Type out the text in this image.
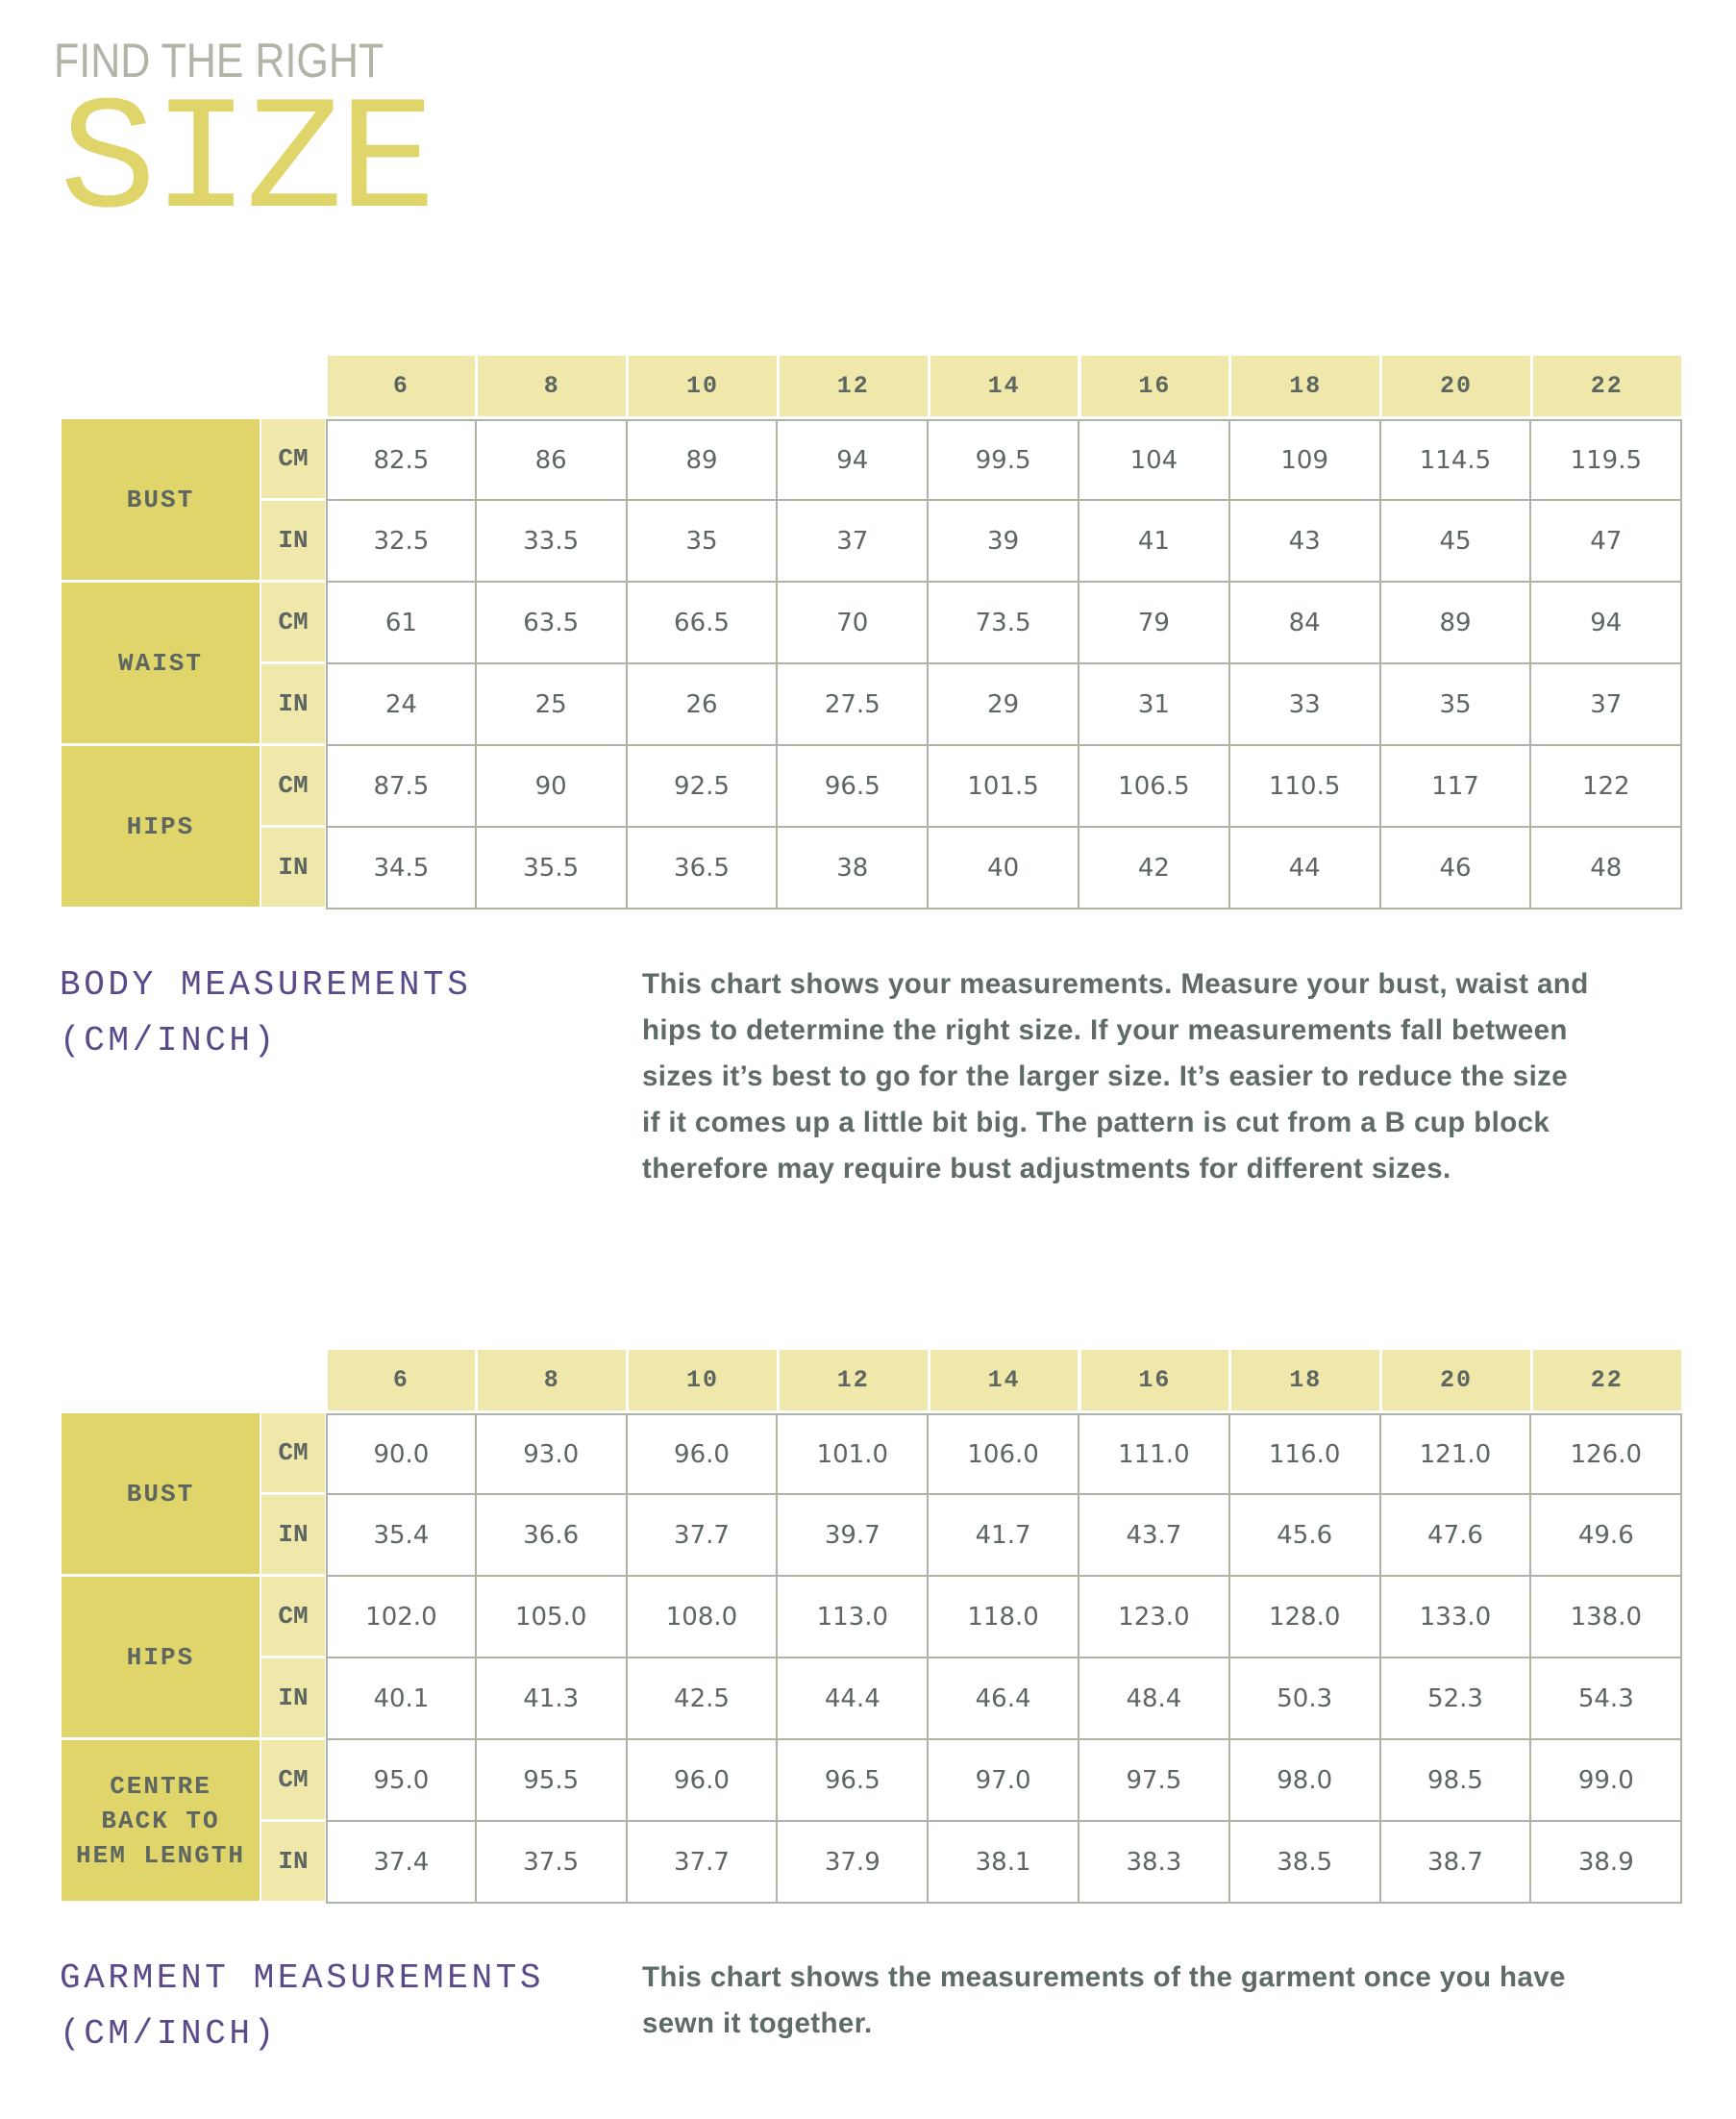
FIND THE RIGHT
SIZE
6	8	10	12	14	16	18	20	22
BUST
CM	82.5	86	89	94	99.5	104	109	114.5	119.5
IN	32.5	33.5	35	37	39	41	43	45	47
WAIST
CM	61	63.5	66.5	70	73.5	79	84	89	94
IN	24	25	26	27.5	29	31	33	35	37
HIPS
CM	87.5	90	92.5	96.5	101.5	106.5	110.5	117	122
IN	34.5	35.5	36.5	38	40	42	44	46	48
BODY MEASUREMENTS
(CM/INCH)
This chart shows your measurements. Measure your bust, waist and
hips to determine the right size. If your measurements fall between
sizes it’s best to go for the larger size. It’s easier to reduce the size
if it comes up a little bit big. The pattern is cut from a B cup block
therefore may require bust adjustments for different sizes.
6	8	10	12	14	16	18	20	22
BUST
CM	90.0	93.0	96.0	101.0	106.0	111.0	116.0	121.0	126.0
IN	35.4	36.6	37.7	39.7	41.7	43.7	45.6	47.6	49.6
HIPS
CM	102.0	105.0	108.0	113.0	118.0	123.0	128.0	133.0	138.0
IN	40.1	41.3	42.5	44.4	46.4	48.4	50.3	52.3	54.3
CENTRE BACK TO HEM LENGTH
CM	95.0	95.5	96.0	96.5	97.0	97.5	98.0	98.5	99.0
IN	37.4	37.5	37.7	37.9	38.1	38.3	38.5	38.7	38.9
GARMENT MEASUREMENTS
(CM/INCH)
This chart shows the measurements of the garment once you have
sewn it together.
